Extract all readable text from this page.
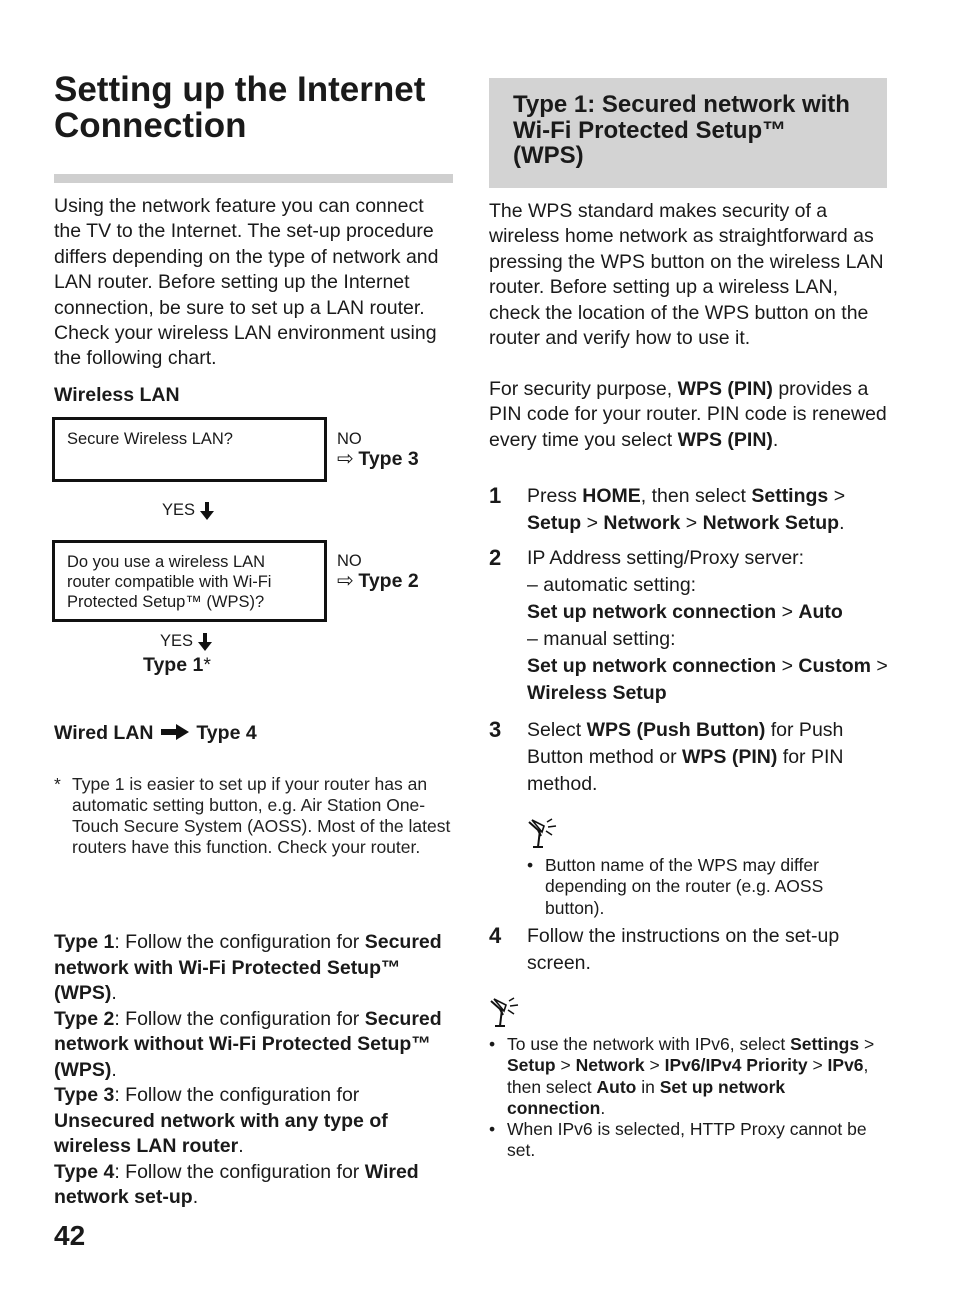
Setting up the Internet Connection
Using the network feature you can connect the TV to the Internet. The set-up procedure differs depending on the type of network and LAN router. Before setting up the Internet connection, be sure to set up a LAN router. Check your wireless LAN environment using the following chart.
Wireless LAN
Secure Wireless LAN?	NO
⇨ Type 3
YES
Do you use a wireless LAN router compatible with Wi-Fi Protected Setup™ (WPS)?
NO
⇨ Type 2
YES
Type 1*
Wired LAN Type 4
* Type 1 is easier to set up if your router has an automatic setting button, e.g. Air Station One-Touch Secure System (AOSS). Most of the latest routers have this function. Check your router.
Type 1: Follow the configuration for Secured network with Wi-Fi Protected Setup™ (WPS).
Type 2: Follow the configuration for Secured network without Wi-Fi Protected Setup™ (WPS).
Type 3: Follow the configuration for Unsecured network with any type of wireless LAN router.
Type 4: Follow the configuration for Wired network set-up.
42
Type 1: Secured network with Wi-Fi Protected Setup™ (WPS)
The WPS standard makes security of a wireless home network as straightforward as pressing the WPS button on the wireless LAN router. Before setting up a wireless LAN, check the location of the WPS button on the router and verify how to use it.
For security purpose, WPS (PIN) provides a PIN code for your router. PIN code is renewed every time you select WPS (PIN).
1 Press HOME, then select Settings > Setup > Network > Network Setup.
2 IP Address setting/Proxy server:
– automatic setting:
Set up network connection > Auto
– manual setting:
Set up network connection > Custom > Wireless Setup
3 Select WPS (Push Button) for Push Button method or WPS (PIN) for PIN method.
• Button name of the WPS may differ depending on the router (e.g. AOSS button).
4 Follow the instructions on the set-up screen.
• To use the network with IPv6, select Settings > Setup > Network > IPv6/IPv4 Priority > IPv6, then select Auto in Set up network connection.
• When IPv6 is selected, HTTP Proxy cannot be set.
